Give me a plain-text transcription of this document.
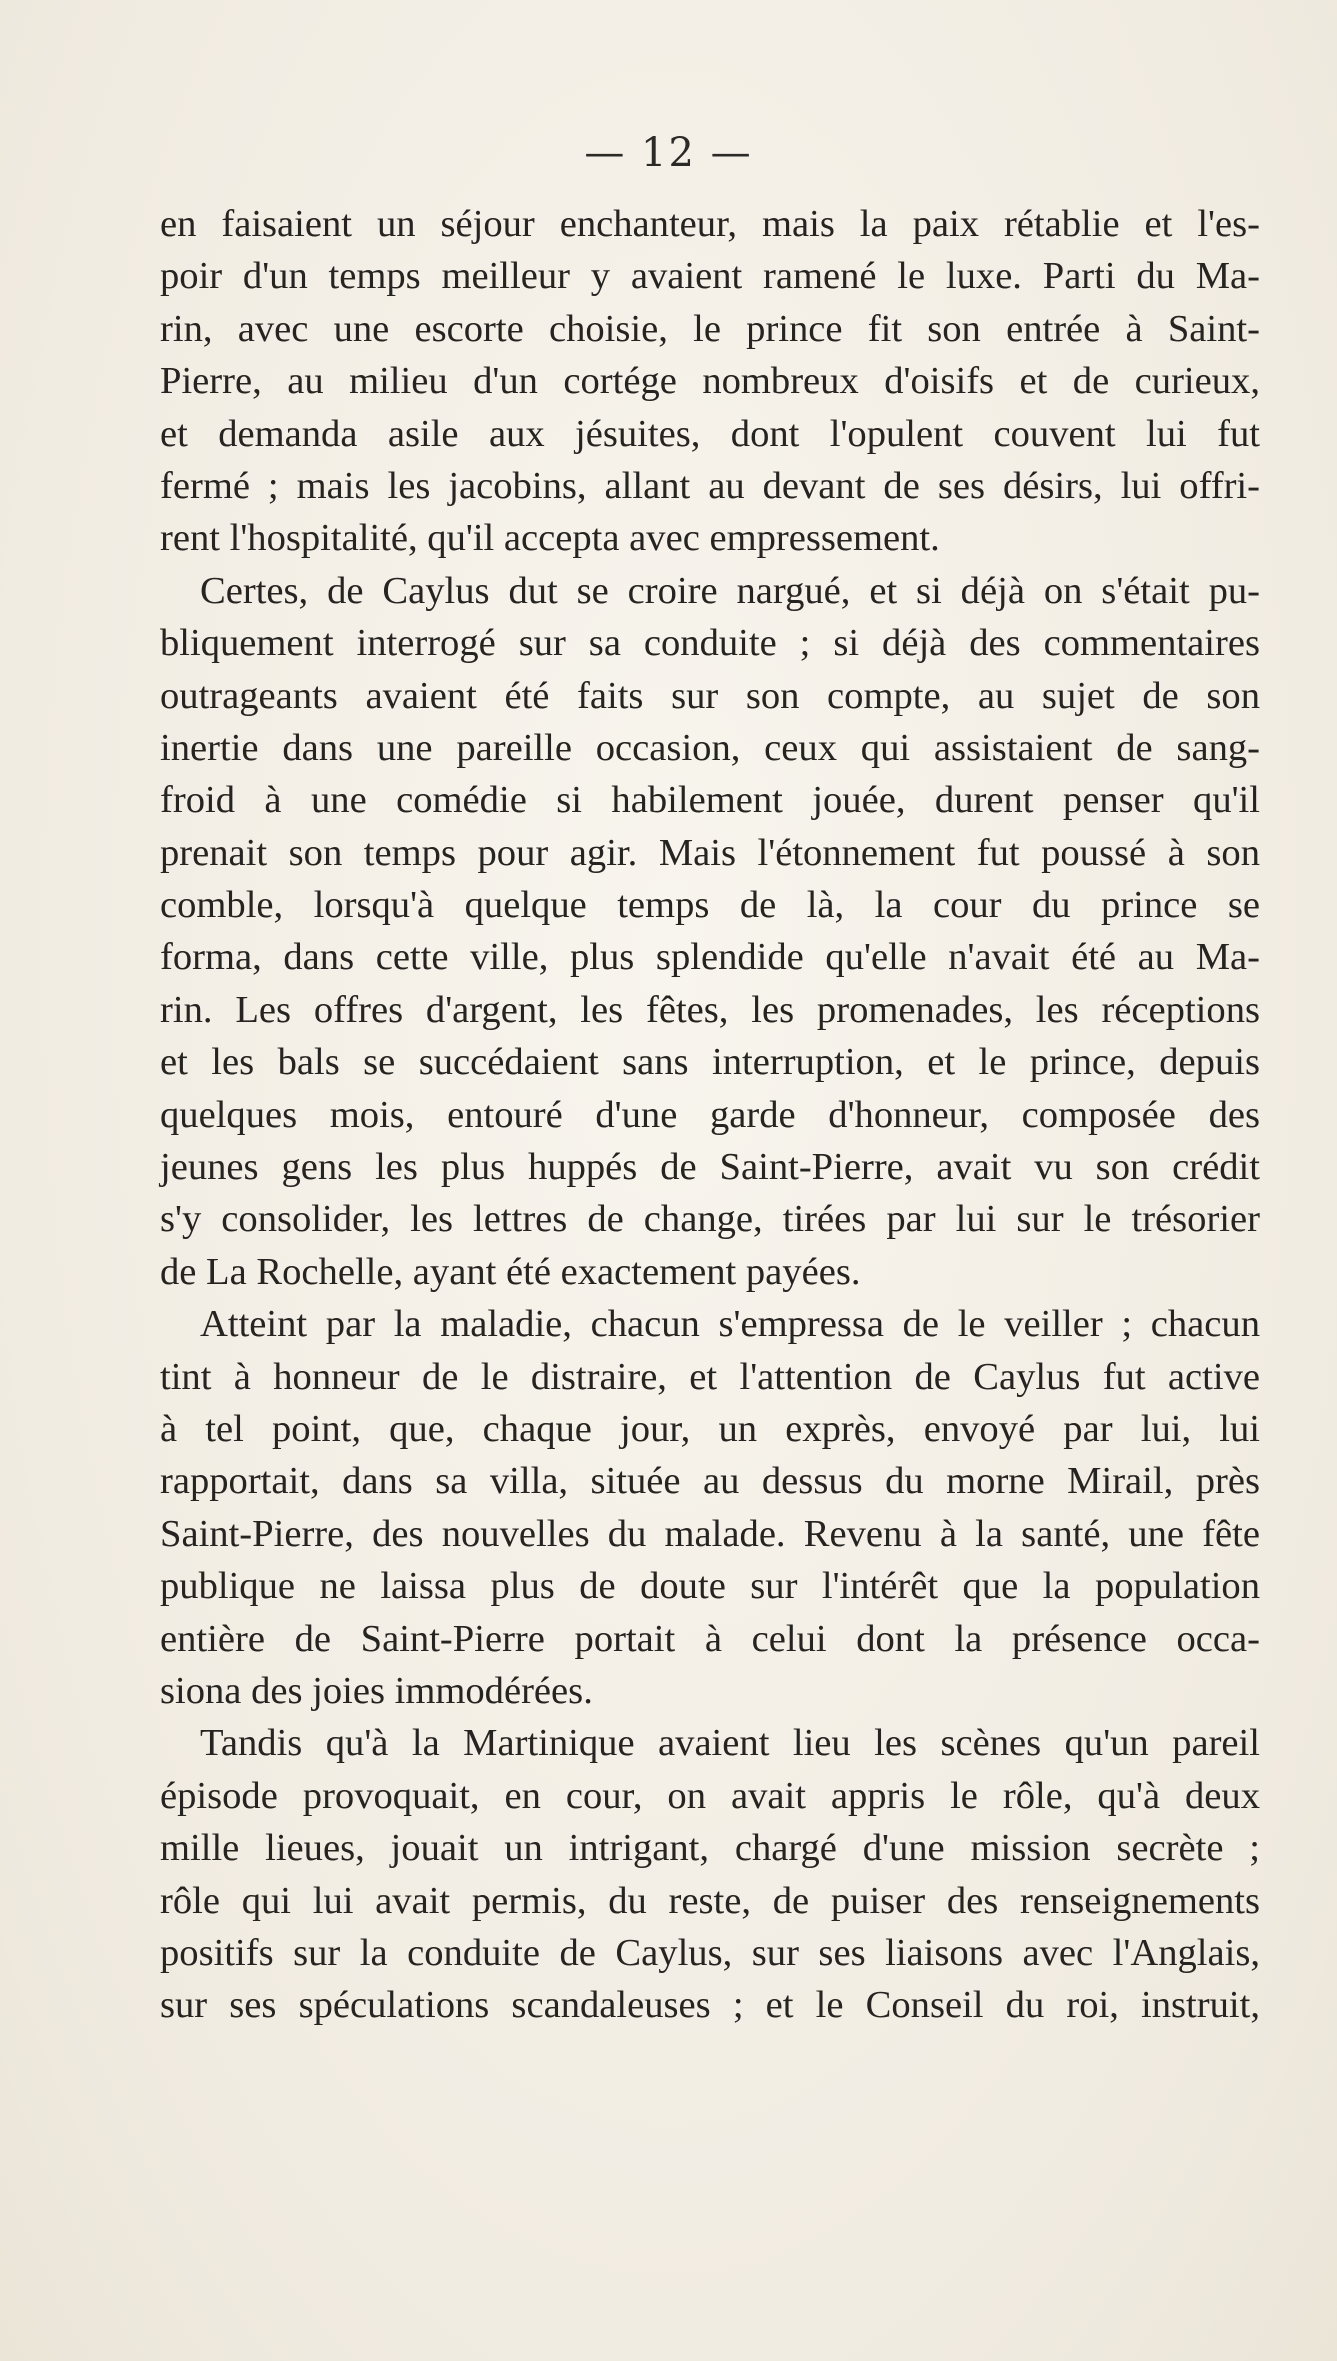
— 12 —
en faisaient un séjour enchanteur, mais la paix rétablie et l'es-
poir d'un temps meilleur y avaient ramené le luxe. Parti du Ma-
rin, avec une escorte choisie, le prince fit son entrée à Saint-
Pierre, au milieu d'un cortége nombreux d'oisifs et de curieux,
et demanda asile aux jésuites, dont l'opulent couvent lui fut
fermé ; mais les jacobins, allant au devant de ses désirs, lui offri-
rent l'hospitalité, qu'il accepta avec empressement.
Certes, de Caylus dut se croire nargué, et si déjà on s'était pu-
bliquement interrogé sur sa conduite ; si déjà des commentaires
outrageants avaient été faits sur son compte, au sujet de son
inertie dans une pareille occasion, ceux qui assistaient de sang-
froid à une comédie si habilement jouée, durent penser qu'il
prenait son temps pour agir. Mais l'étonnement fut poussé à son
comble, lorsqu'à quelque temps de là, la cour du prince se
forma, dans cette ville, plus splendide qu'elle n'avait été au Ma-
rin. Les offres d'argent, les fêtes, les promenades, les réceptions
et les bals se succédaient sans interruption, et le prince, depuis
quelques mois, entouré d'une garde d'honneur, composée des
jeunes gens les plus huppés de Saint-Pierre, avait vu son crédit
s'y consolider, les lettres de change, tirées par lui sur le trésorier
de La Rochelle, ayant été exactement payées.
Atteint par la maladie, chacun s'empressa de le veiller ; chacun
tint à honneur de le distraire, et l'attention de Caylus fut active
à tel point, que, chaque jour, un exprès, envoyé par lui, lui
rapportait, dans sa villa, située au dessus du morne Mirail, près
Saint-Pierre, des nouvelles du malade. Revenu à la santé, une fête
publique ne laissa plus de doute sur l'intérêt que la population
entière de Saint-Pierre portait à celui dont la présence occa-
siona des joies immodérées.
Tandis qu'à la Martinique avaient lieu les scènes qu'un pareil
épisode provoquait, en cour, on avait appris le rôle, qu'à deux
mille lieues, jouait un intrigant, chargé d'une mission secrète ;
rôle qui lui avait permis, du reste, de puiser des renseignements
positifs sur la conduite de Caylus, sur ses liaisons avec l'Anglais,
sur ses spéculations scandaleuses ; et le Conseil du roi, instruit,
